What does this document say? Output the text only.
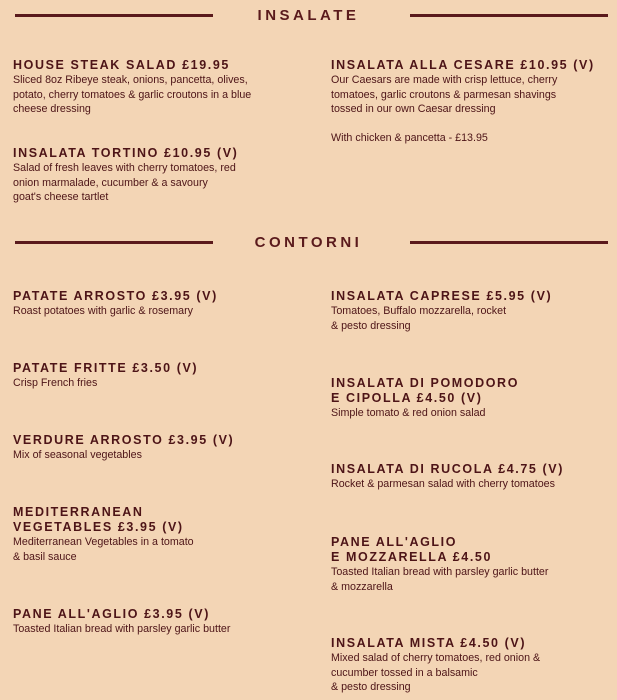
INSALATE
HOUSE STEAK SALAD £19.95
Sliced 8oz Ribeye steak, onions, pancetta, olives,
potato, cherry tomatoes & garlic croutons in a blue
cheese dressing
INSALATA TORTINO £10.95 (V)
Salad of fresh leaves with cherry tomatoes, red
onion marmalade, cucumber & a savoury
goat's cheese tartlet
INSALATA ALLA CESARE £10.95 (V)
Our Caesars are made with crisp lettuce, cherry
tomatoes, garlic croutons & parmesan shavings
tossed in our own Caesar dressing
With chicken & pancetta - £13.95
CONTORNI
PATATE ARROSTO £3.95 (V)
Roast potatoes with garlic & rosemary
PATATE FRITTE £3.50 (V)
Crisp French fries
VERDURE ARROSTO £3.95 (V)
Mix of seasonal vegetables
MEDITERRANEAN
VEGETABLES £3.95 (V)
Mediterranean Vegetables in a tomato
& basil sauce
PANE ALL'AGLIO £3.95 (V)
Toasted Italian bread with parsley garlic butter
INSALATA CAPRESE £5.95 (V)
Tomatoes, Buffalo mozzarella, rocket
& pesto dressing
INSALATA DI POMODORO
E CIPOLLA £4.50 (V)
Simple tomato & red onion salad
INSALATA DI RUCOLA £4.75 (V)
Rocket & parmesan salad with cherry tomatoes
PANE ALL'AGLIO
E MOZZARELLA £4.50
Toasted Italian bread with parsley garlic butter
& mozzarella
INSALATA MISTA £4.50 (V)
Mixed salad of cherry tomatoes, red onion &
cucumber tossed in a balsamic
& pesto dressing
